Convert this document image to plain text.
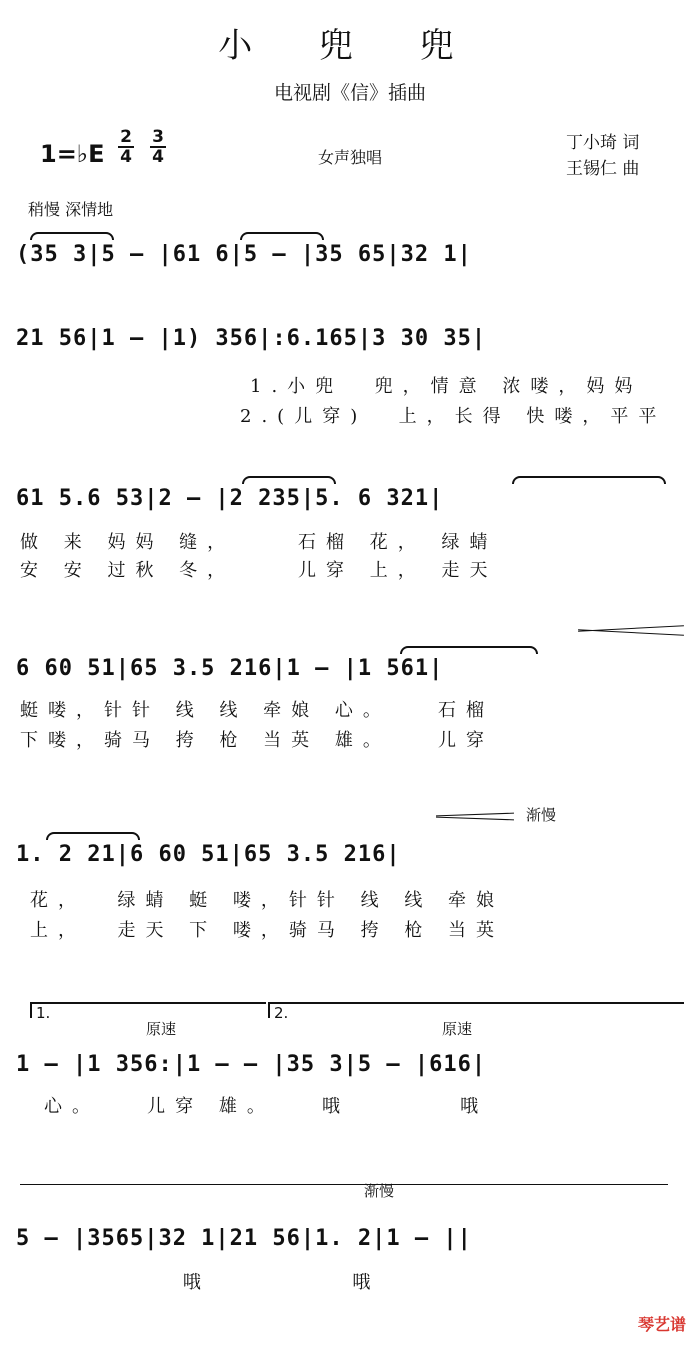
小 兜 兜
电视剧《信》插曲
1=♭E $\frac{2}{4} \frac{3}{4}$	女声独唱
丁小琦 词
王锡仁 曲
稍慢 深情地
(35 3|5 — |61 6|5 — |35 65|32 1|
21 56|1 — |1) 356|:6.165|3 30 35|
1.小兜  兜，情意 浓喽，妈妈
2.(儿穿)  上，长得 快喽，平平
61 5.6 53|2 — |2 235|5. 6 321|
做 来 妈妈 缝，    石榴 花， 绿蜻
安 安 过秋 冬，    儿穿 上， 走天
6 60 51|65 3.5 216|1 — |1 561|
蜓喽，针针 线 线 牵娘 心。   石榴
下喽，骑马 挎 枪 当英 雄。   儿穿
渐慢
1. 2 21|6 60 51|65 3.5 216|
花，  绿蜻 蜓 喽，针针 线 线 牵娘
上，  走天 下 喽，骑马 挎 枪 当英
1.	2.
原速	原速
1 — |1 356:|1 — — |35 3|5 — |616|
心。   儿穿 雄。   哦       哦
渐慢
5 — |3565|32 1|21 56|1. 2|1 — ||
哦         哦
琴艺谱
